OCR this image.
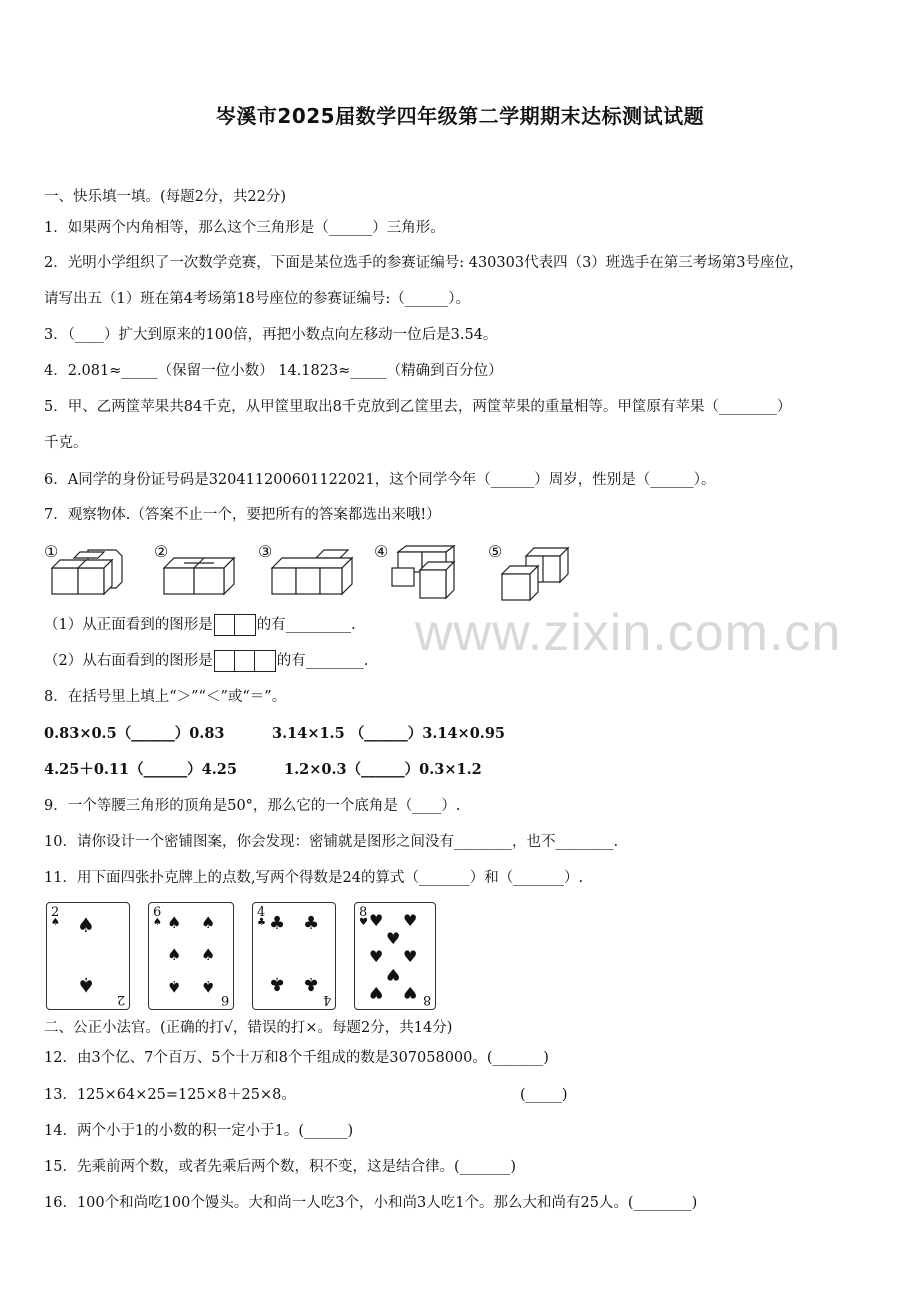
岑溪市2025届数学四年级第二学期期末达标测试试题
www.zixin.com.cn
一、快乐填一填。(每题2分，共22分)
1．如果两个内角相等，那么这个三角形是（______）三角形。
2．光明小学组织了一次数学竞赛，下面是某位选手的参赛证编号: 430303代表四（3）班选手在第三考场第3号座位，
请写出五（1）班在第4考场第18号座位的参赛证编号:（______）。
3．（____）扩大到原来的100倍，再把小数点向左移动一位后是3.54。
4．2.081≈_____（保留一位小数） 14.1823≈_____（精确到百分位）
5．甲、乙两筐苹果共84千克，从甲筐里取出8千克放到乙筐里去，两筐苹果的重量相等。甲筐原有苹果（________）
千克。
6．A同学的身份证号码是320411200601122021，这个同学今年（______）周岁，性别是（______）。
7．观察物体.（答案不止一个，要把所有的答案都选出来哦!）
①	②	③	④	⑤
（1）从正面看到的图形是	的有_________.
（2）从右面看到的图形是	的有________.
8．在括号里上填上“＞”“＜”或“＝”。
0.83×0.5（______）0.83	3.14×1.5 （______）3.14×0.95
4.25＋0.11（______）4.25	1.2×0.3（______）0.3×1.2
9．一个等腰三角形的顶角是50°，那么它的一个底角是（____）.
10．请你设计一个密铺图案，你会发现：密铺就是图形之间没有________，也不________.
11．用下面四张扑克牌上的点数,写两个得数是24的算式（_______）和（_______）.
2
♠ ♠
♠
2
6
♠ ♠ ♠
♠ ♠
♠ ♠
6
4
♣ ♣ ♣
♣ ♣
4
8
♥ ♥ ♥
♥
♥ ♥
♥
♥ ♥ 8
二、公正小法官。(正确的打√，错误的打×。每题2分，共14分)
12．由3个亿、7个百万、5个十万和8个千组成的数是307058000。(_______)
13．125×64×25=125×8＋25×8。	(_____)
14．两个小于1的小数的积一定小于1。(______)
15．先乘前两个数，或者先乘后两个数，积不变，这是结合律。(_______)
16．100个和尚吃100个馒头。大和尚一人吃3个，小和尚3人吃1个。那么大和尚有25人。(________)
